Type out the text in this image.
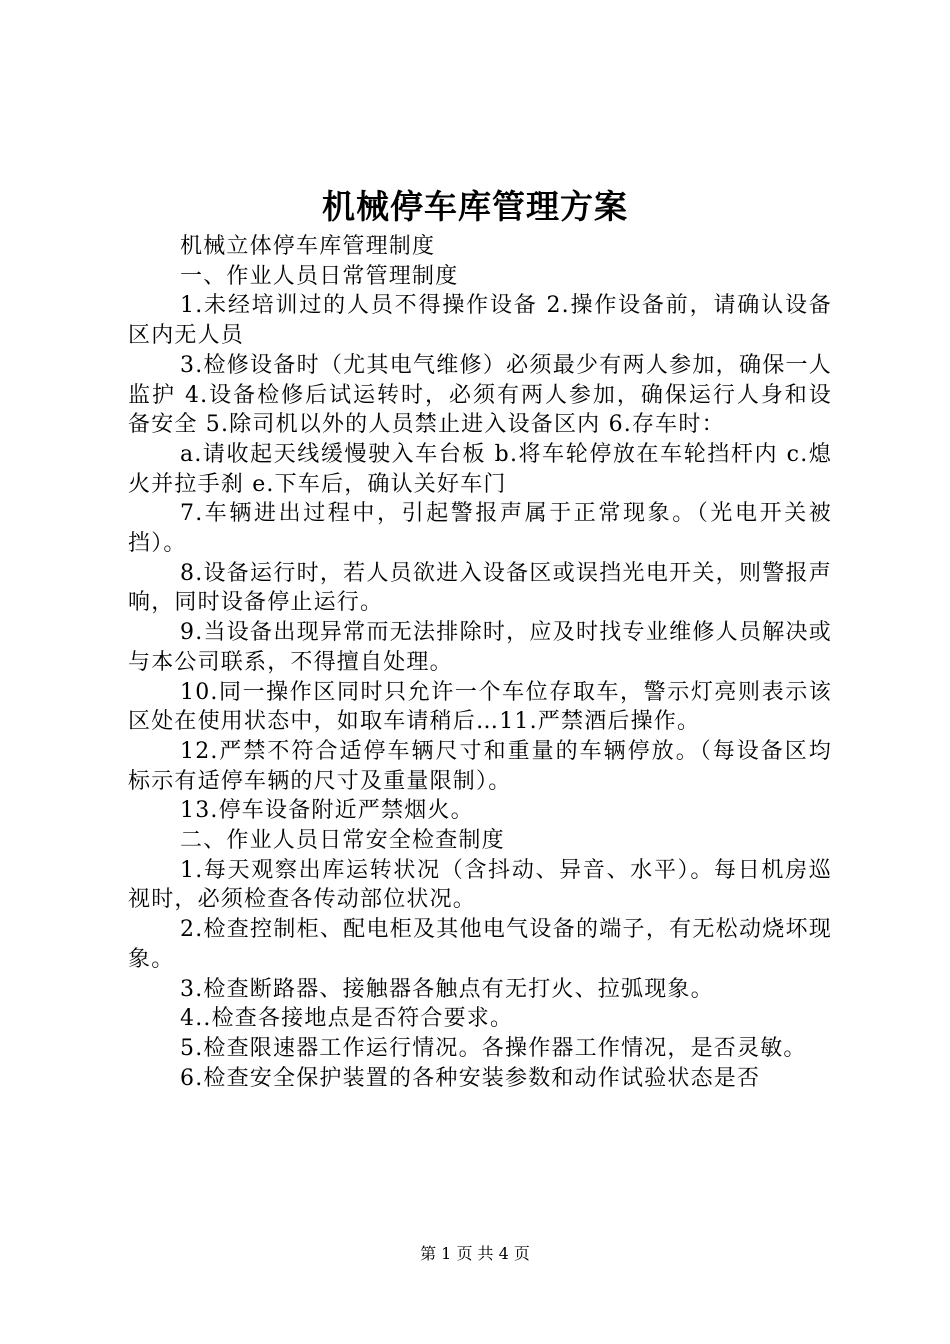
机械停车库管理方案

机械立体停车库管理制度

一、作业人员日常管理制度

1.未经培训过的人员不得操作设备 2.操作设备前，请确认设备区内无人员

3.检修设备时（尤其电气维修）必须最少有两人参加，确保一人监护 4.设备检修后试运转时，必须有两人参加，确保运行人身和设备安全 5.除司机以外的人员禁止进入设备区内 6.存车时：

a.请收起天线缓慢驶入车台板 b.将车轮停放在车轮挡杆内 c.熄火并拉手刹 e.下车后，确认关好车门

7.车辆进出过程中，引起警报声属于正常现象。（光电开关被挡）。

8.设备运行时，若人员欲进入设备区或误挡光电开关，则警报声响，同时设备停止运行。

9.当设备出现异常而无法排除时，应及时找专业维修人员解决或与本公司联系，不得擅自处理。

10.同一操作区同时只允许一个车位存取车，警示灯亮则表示该区处在使用状态中，如取车请稍后…11.严禁酒后操作。

12.严禁不符合适停车辆尺寸和重量的车辆停放。（每设备区均标示有适停车辆的尺寸及重量限制）。

13.停车设备附近严禁烟火。

二、作业人员日常安全检查制度

1.每天观察出库运转状况（含抖动、异音、水平）。每日机房巡视时，必须检查各传动部位状况。

2.检查控制柜、配电柜及其他电气设备的端子，有无松动烧坏现象。

3.检查断路器、接触器各触点有无打火、拉弧现象。

4..检查各接地点是否符合要求。

5.检查限速器工作运行情况。各操作器工作情况，是否灵敏。

6.检查安全保护装置的各种安装参数和动作试验状态是否

第 1 页 共 4 页
